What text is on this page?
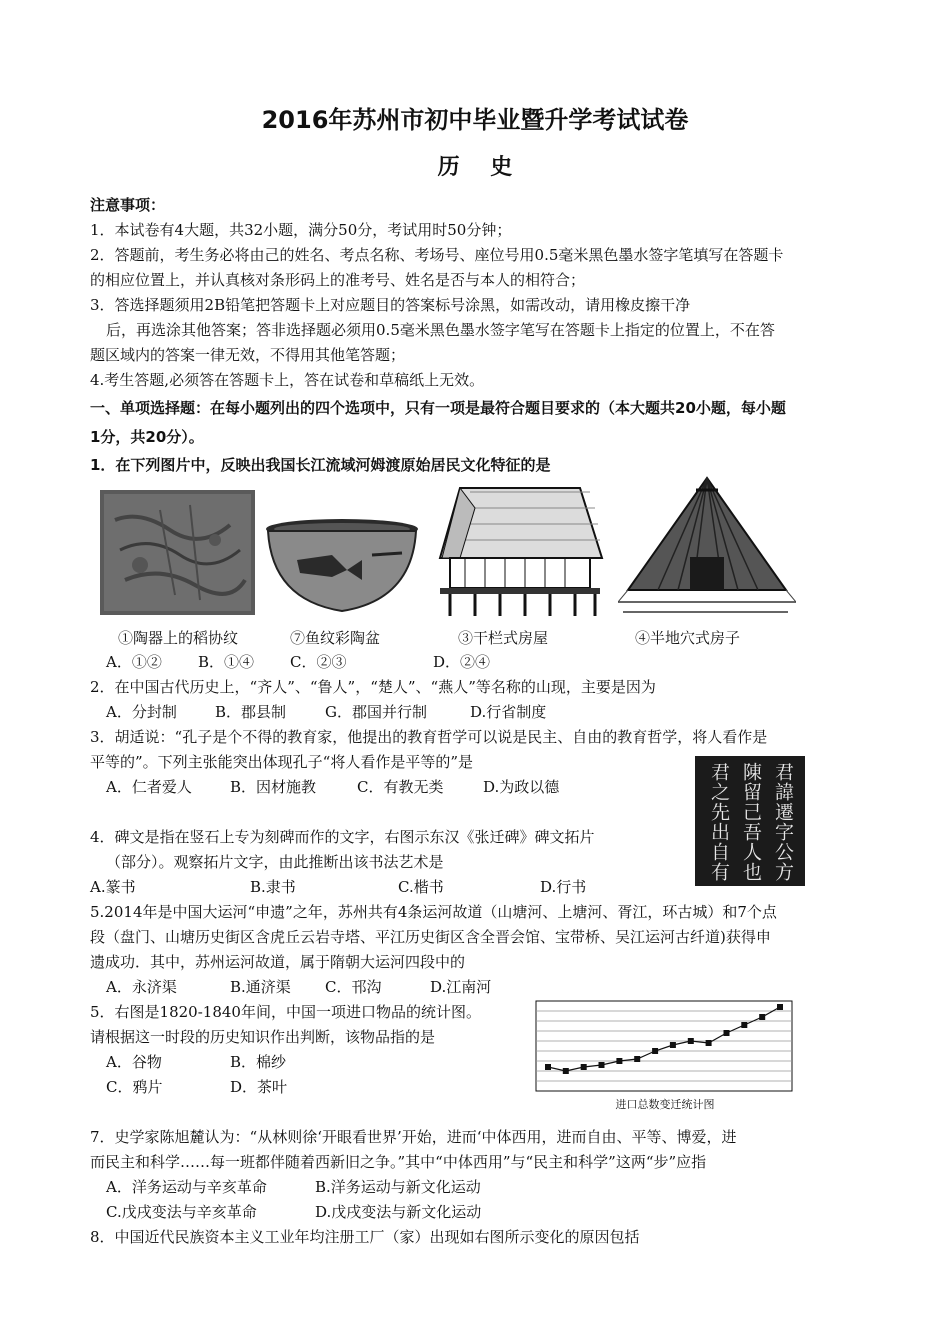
2016年苏州市初中毕业暨升学考试试卷
历    史
注意事项：
1．本试卷有4大题，共32小题，满分50分，考试用时50分钟；
2．答题前，考生务必将由己的姓名、考点名称、考场号、座位号用0.5毫米黑色墨水签字笔填写在答题卡
的相应位置上，并认真核对条形码上的准考号、姓名是否与本人的相符合；
3．答选择题须用2B铅笔把答题卡上对应题目的答案标号涂黑，如需改动，请用橡皮擦干净
后，再选涂其他答案；答非选择题必须用0.5毫米黑色墨水签字笔写在答题卡上指定的位置上，不在答
题区域内的答案一律无效，不得用其他笔答题；
4.考生答题,必须答在答题卡上，答在试卷和草稿纸上无效。
一、单项选择题：在每小题列出的四个选项中，只有一项是最符合题目要求的（本大题共20小题，每小题
1分，共20分）。
1．在下列图片中，反映出我国长江流域河姆渡原始居民文化特征的是
①陶器上的稻协纹	⑦鱼纹彩陶盆	③干栏式房屋	④半地穴式房子
A．①② B．①④ C．②③	D．②④
2．在中国古代历史上，“齐人”、“鲁人”，“楚人”、“燕人”等名称的山现，主要是因为
A．分封制	B．郡县制	G．郡国并行制	D.行省制度
3．胡适说：“孔子是个不得的教育家，他提出的教育哲学可以说是民主、自由的教育哲学，将人看作是
平等的”。下列主张能突出体现孔子“将人看作是平等的”是
A．仁者爱人	B．因材施教	C．有教无类	D.为政以德	君諱遷字公方
陳留己吾人也
君之先出自有
4．碑文是指在竖石上专为刻碑而作的文字，右图示东汉《张迁碑》碑文拓片
（部分）。观察拓片文字，由此推断出该书法艺术是
A.篆书	B.隶书	C.楷书	D.行书
5.2014年是中国大运河“申遗”之年，苏州共有4条运河故道（山塘河、上塘河、胥江，环古城）和7个点
段（盘门、山塘历史街区含虎丘云岩寺塔、平江历史街区含全晋会馆、宝带桥、吴江运河古纤道)获得申
遗成功．其中，苏州运河故道，属于隋朝大运河四段中的
A．永济渠	B.通济渠 C．邗沟	D.江南河
5．右图是1820-1840年间，中国一项进口物品的统计图。
请根据这一时段的历史知识作出判断，该物品指的是
A．谷物	B．棉纱
C．鸦片	D．茶叶
进口总数变迁统计图
7．史学家陈旭麓认为：“从林则徐‘开眼看世界’开始，进而‘中体西用，进而自由、平等、博爱，进
而民主和科学……每一班都伴随着西新旧之争。”其中“中体西用”与“民主和科学”这两“步”应指
A．洋务运动与辛亥革命	B.洋务运动与新文化运动
C.戊戌变法与辛亥革命	D.戊戌变法与新文化运动
8．中国近代民族资本主义工业年均注册工厂（家）出现如右图所示变化的原因包括
